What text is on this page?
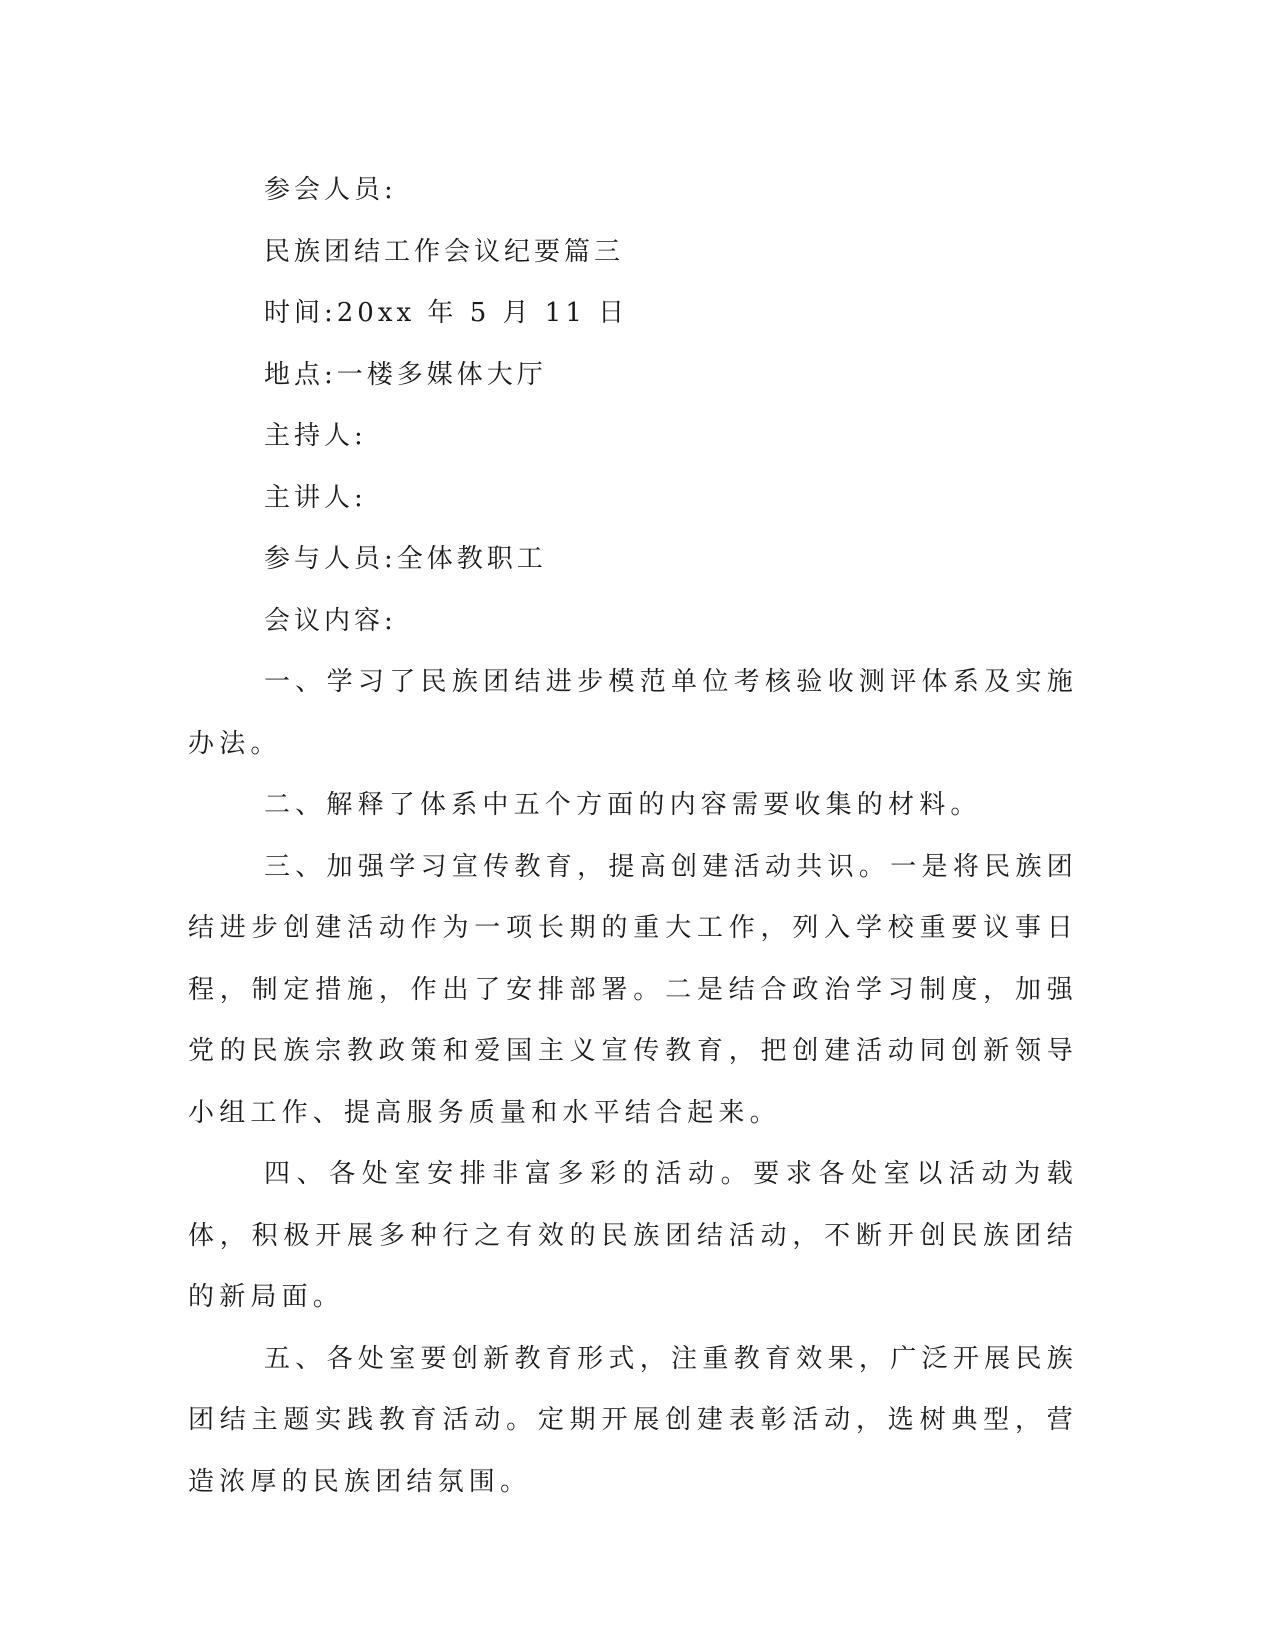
参会人员:

民族团结工作会议纪要篇三

时间:20xx 年 5 月 11 日

地点:一楼多媒体大厅

主持人:

主讲人:

参与人员:全体教职工

会议内容:

一、学习了民族团结进步模范单位考核验收测评体系及实施办法。

二、解释了体系中五个方面的内容需要收集的材料。

三、加强学习宣传教育，提高创建活动共识。一是将民族团结进步创建活动作为一项长期的重大工作，列入学校重要议事日程，制定措施，作出了安排部署。二是结合政治学习制度，加强党的民族宗教政策和爱国主义宣传教育，把创建活动同创新领导小组工作、提高服务质量和水平结合起来。

四、各处室安排非富多彩的活动。要求各处室以活动为载体，积极开展多种行之有效的民族团结活动，不断开创民族团结的新局面。

五、各处室要创新教育形式，注重教育效果，广泛开展民族团结主题实践教育活动。定期开展创建表彰活动，选树典型，营造浓厚的民族团结氛围。
